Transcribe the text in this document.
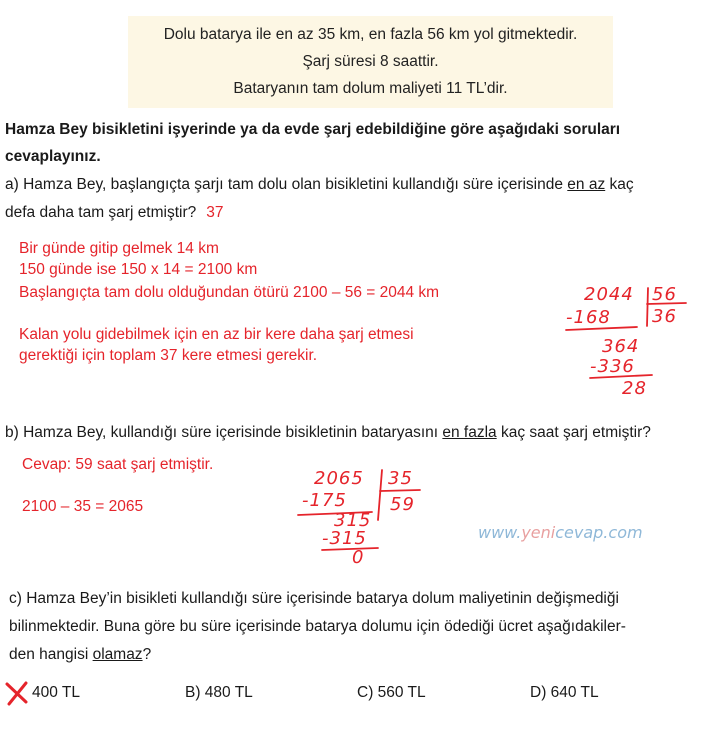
Dolu batarya ile en az 35 km, en fazla 56 km yol gitmektedir.
Şarj süresi 8 saattir.
Bataryanın tam dolum maliyeti 11 TL’dir.
Hamza Bey bisikletini işyerinde ya da evde şarj edebildiğine göre aşağıdaki soruları
cevaplayınız.
a) Hamza Bey, başlangıçta şarjı tam dolu olan bisikletini kullandığı süre içerisinde en az kaç
defa daha tam şarj etmiştir? 37
Bir günde gitip gelmek 14 km
150 günde ise 150 x 14 = 2100 km
Başlangıçta tam dolu olduğundan ötürü 2100 – 56 = 2044 km
Kalan yolu gidebilmek için en az bir kere daha şarj etmesi
gerektiği için toplam 37 kere etmesi gerekir.
2044 56
-168 36
364
-336
28
b) Hamza Bey, kullandığı süre içerisinde bisikletinin bataryasını en fazla kaç saat şarj etmiştir?
Cevap: 59 saat şarj etmiştir.
2100 – 35 = 2065
2065 35
-175 59
315
-315
0
www.yenicevap.com
c) Hamza Bey’in bisikleti kullandığı süre içerisinde batarya dolum maliyetinin değişmediği
bilinmektedir. Buna göre bu süre içerisinde batarya dolumu için ödediği ücret aşağıdakiler-
den hangisi olamaz?
400 TL	B) 480 TL	C) 560 TL	D) 640 TL
